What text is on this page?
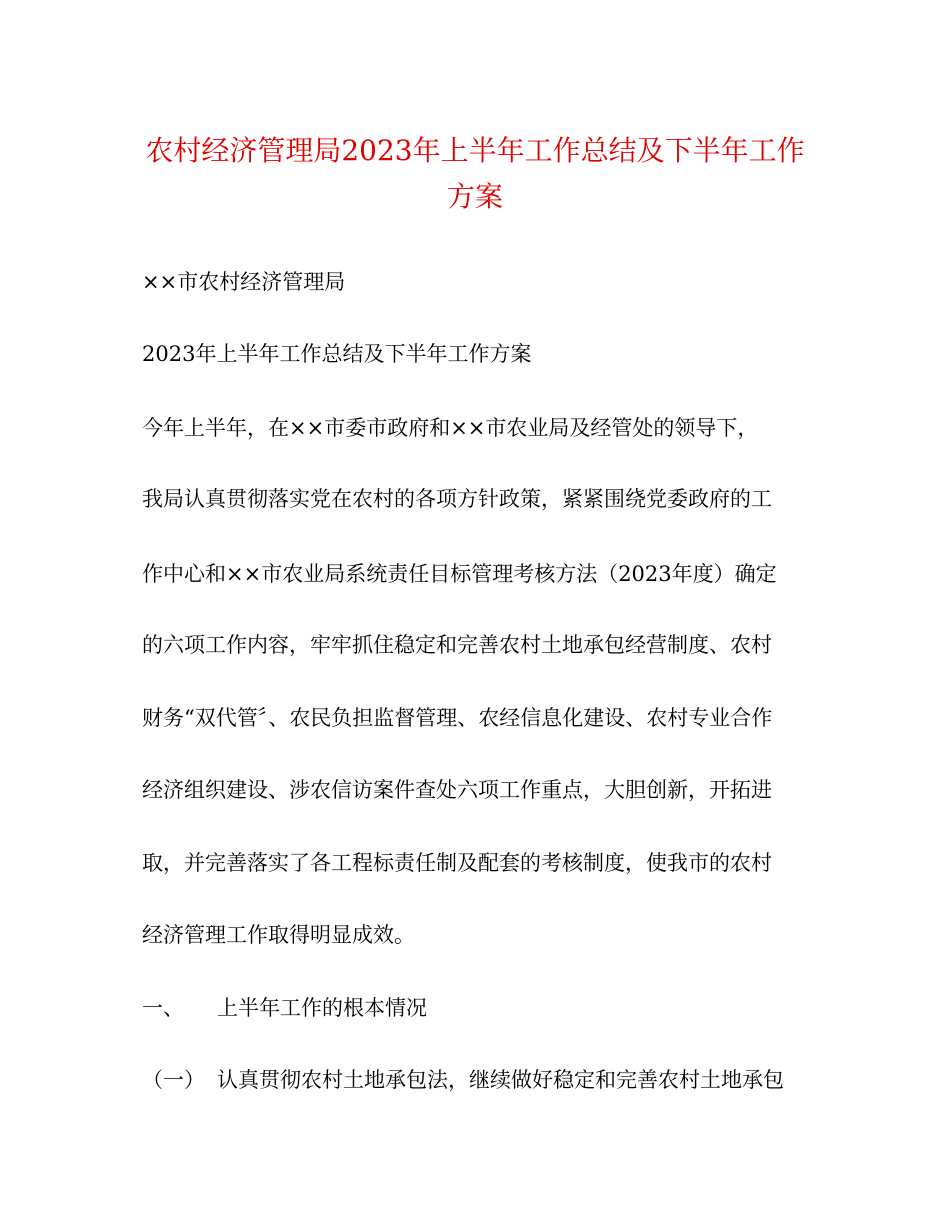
农村经济管理局2023年上半年工作总结及下半年工作
方案
××市农村经济管理局
2023年上半年工作总结及下半年工作方案
今年上半年，在××市委市政府和××市农业局及经管处的领导下，
我局认真贯彻落实党在农村的各项方针政策，紧紧围绕党委政府的工
作中心和××市农业局系统责任目标管理考核方法（2023年度）确定
的六项工作内容，牢牢抓住稳定和完善农村土地承包经营制度、农村
财务“双代管〞、农民负担监督管理、农经信息化建设、农村专业合作
经济组织建设、涉农信访案件查处六项工作重点，大胆创新，开拓进
取，并完善落实了各工程标责任制及配套的考核制度，使我市的农村
经济管理工作取得明显成效。
一、 上半年工作的根本情况
（一） 认真贯彻农村土地承包法，继续做好稳定和完善农村土地承包
